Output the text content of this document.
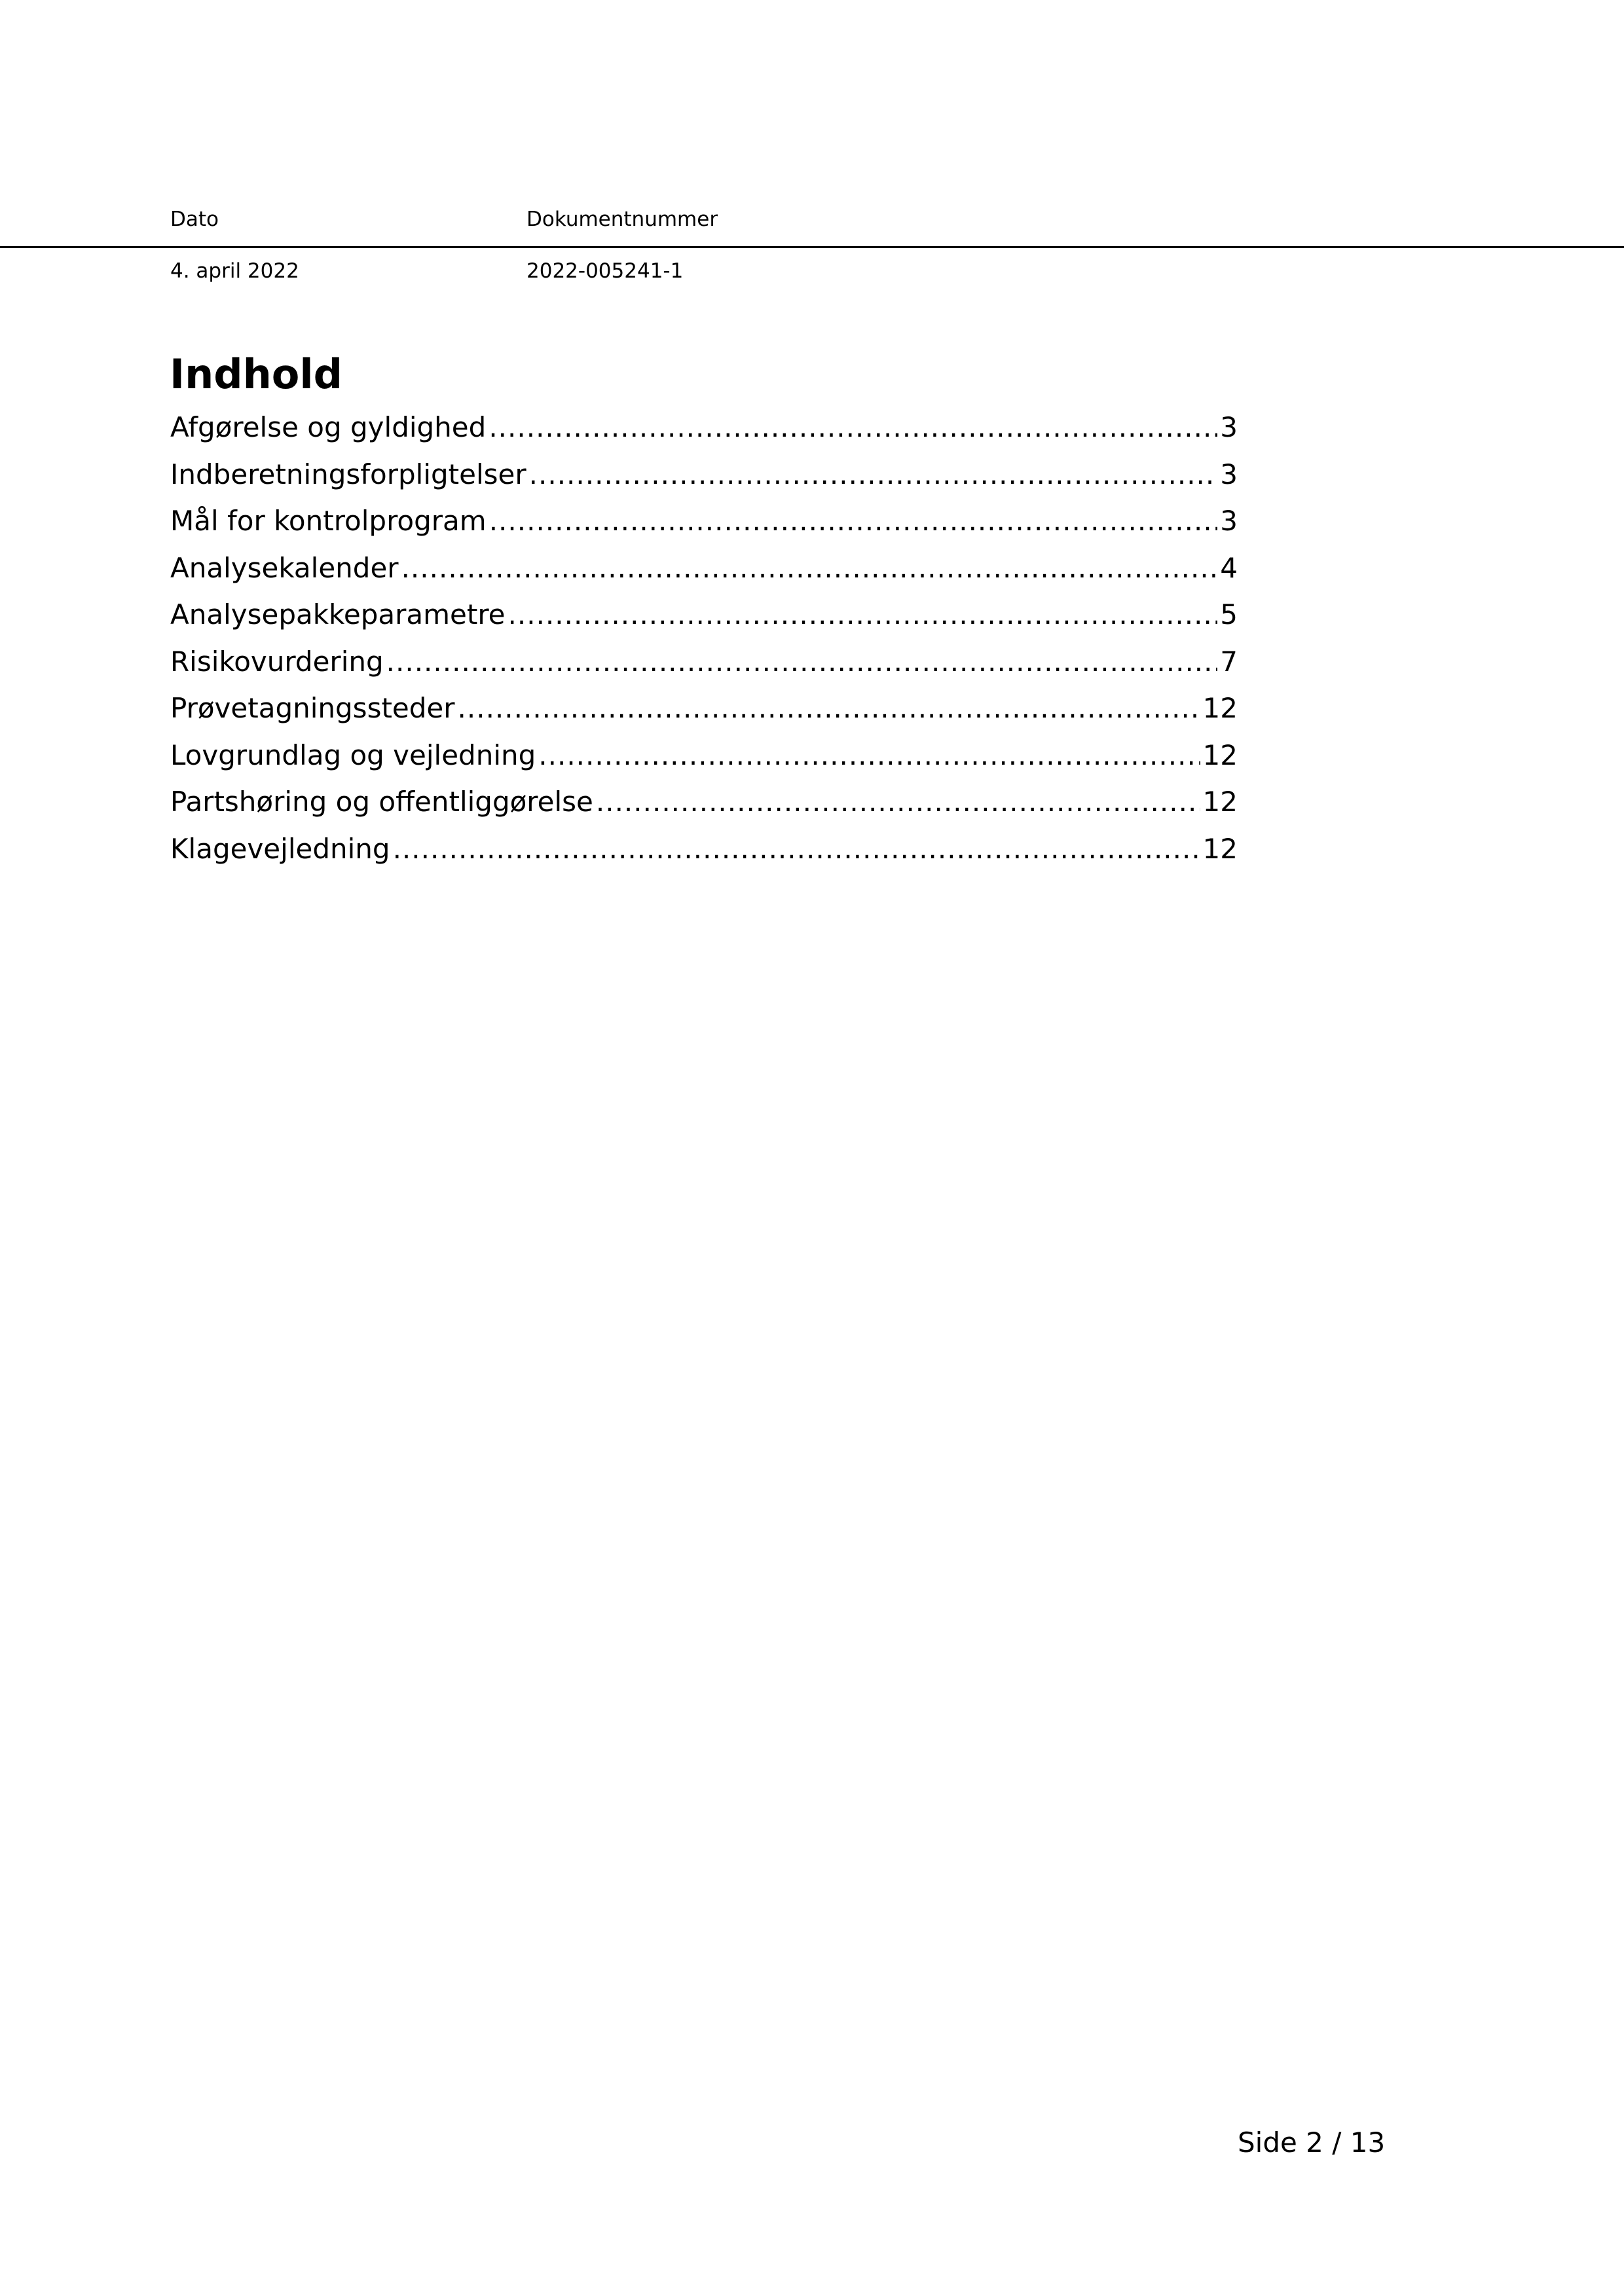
Dato	Dokumentnummer
4. april 2022	2022-005241-1
Indhold
Afgørelse og gyldighed .....	3
Indberetningsforpligtelser .....	3
Mål for kontrolprogram .....	3
Analysekalender .....	4
Analysepakkeparametre .....	5
Risikovurdering .....	7
Prøvetagningssteder .....	12
Lovgrundlag og vejledning .....	12
Partshøring og offentliggørelse .....	12
Klagevejledning .....	12
Side 2 / 13
